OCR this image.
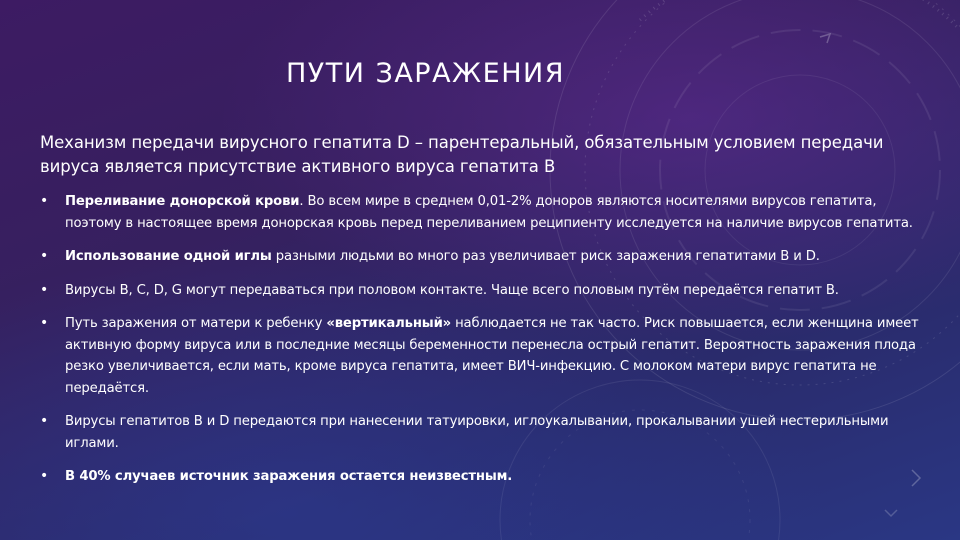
ПУТИ ЗАРАЖЕНИЯ
Механизм передачи вирусного гепатита D – парентеральный, обязательным условием передачи вируса является присутствие активного вируса гепатита В
• Переливание донорской крови. Во всем мире в среднем 0,01-2% доноров являются носителями вирусов гепатита, поэтому в настоящее время донорская кровь перед переливанием реципиенту исследуется на наличие вирусов гепатита.
• Использование одной иглы разными людьми во много раз увеличивает риск заражения гепатитами B и D.
• Вирусы B, C, D, G могут передаваться при половом контакте. Чаще всего половым путём передаётся гепатит B.
• Путь заражения от матери к ребенку «вертикальный» наблюдается не так часто. Риск повышается, если женщина имеет активную форму вируса или в последние месяцы беременности перенесла острый гепатит. Вероятность заражения плода резко увеличивается, если мать, кроме вируса гепатита, имеет ВИЧ-инфекцию. С молоком матери вирус гепатита не передаётся.
• Вирусы гепатитов B и D передаются при нанесении татуировки, иглоукалывании, прокалывании ушей нестерильными иглами.
• В 40% случаев источник заражения остается неизвестным.
